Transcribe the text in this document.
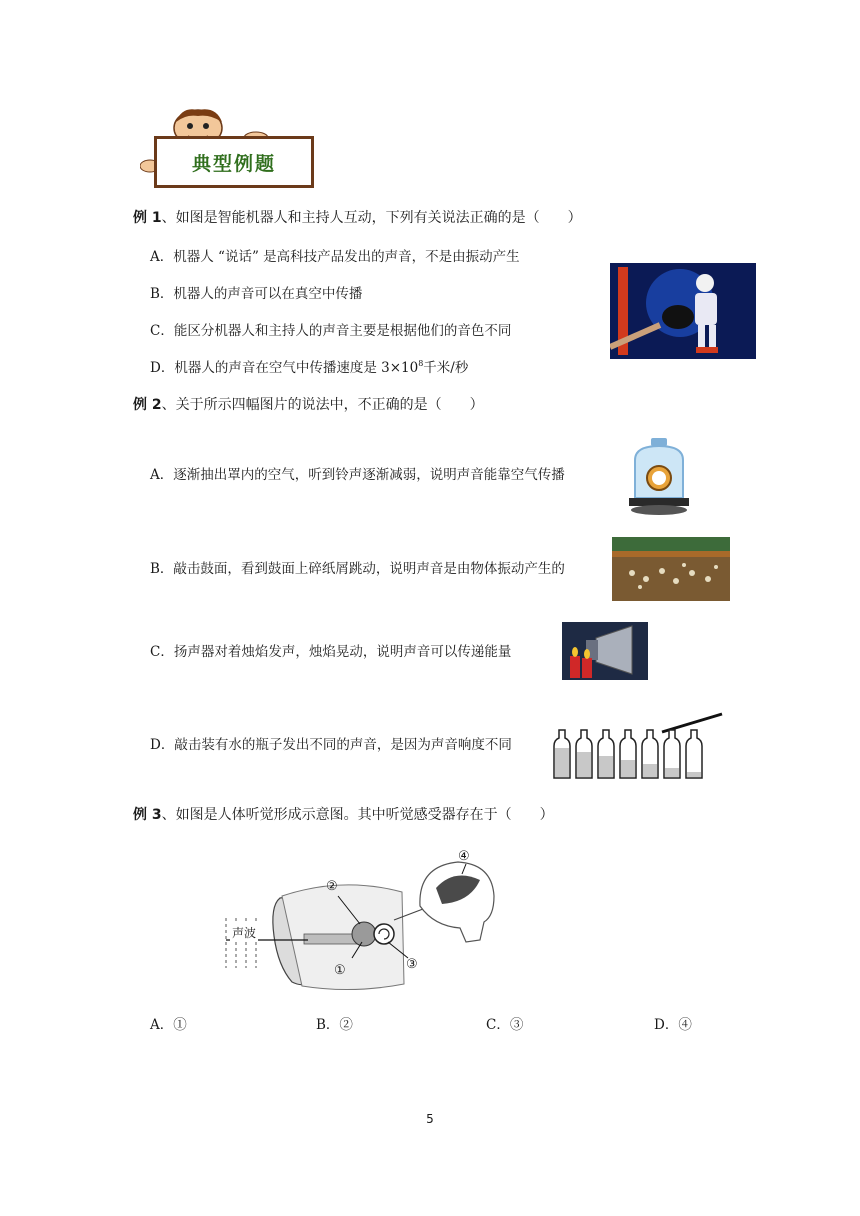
典型例题
例 1、如图是智能机器人和主持人互动，下列有关说法正确的是（　　）
A．机器人 “说话” 是高科技产品发出的声音，不是由振动产生
B．机器人的声音可以在真空中传播
C．能区分机器人和主持人的声音主要是根据他们的音色不同
D．机器人的声音在空气中传播速度是 $3\times 10^8$千米/秒
例 2、关于所示四幅图片的说法中，不正确的是（　　）
A．逐渐抽出罩内的空气，听到铃声逐渐减弱，说明声音能靠空气传播
B．敲击鼓面，看到鼓面上碎纸屑跳动，说明声音是由物体振动产生的
C．扬声器对着烛焰发声，烛焰晃动，说明声音可以传递能量
D．敲击装有水的瓶子发出不同的声音，是因为声音响度不同
例 3、如图是人体听觉形成示意图。其中听觉感受器存在于（　　）
声波
①
②
③
④
A．①	B．②	C．③	D．④
5
